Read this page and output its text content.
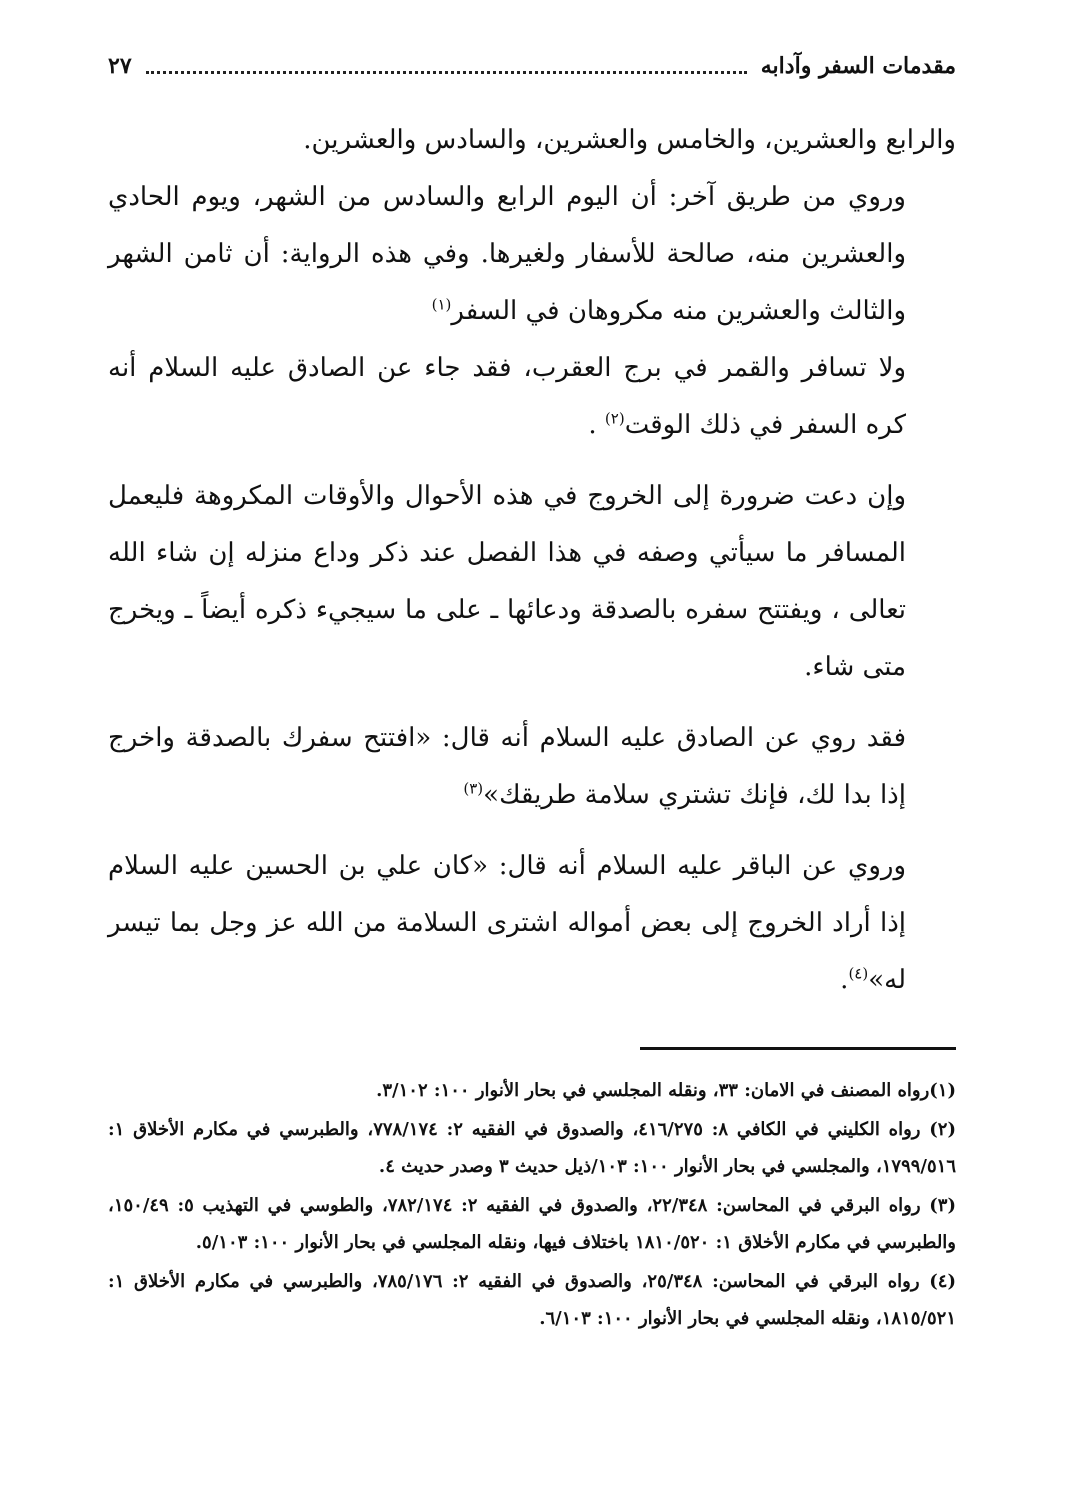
مقدمات السفر وآدابه
٢٧

والرابع والعشرين، والخامس والعشرين، والسادس والعشرين.

وروي من طريق آخر: أن اليوم الرابع والسادس من الشهر، ويوم الحادي والعشرين منه، صالحة للأسفار ولغيرها. وفي هذه الرواية: أن ثامن الشهر والثالث والعشرين منه مكروهان في السفر$^{(١)}$

ولا تسافر والقمر في برج العقرب، فقد جاء عن الصادق عليه السلام أنه كره السفر في ذلك الوقت$^{(٢)}$ .

وإن دعت ضرورة إلى الخروج في هذه الأحوال والأوقات المكروهة فليعمل المسافر ما سيأتي وصفه في هذا الفصل عند ذكر وداع منزله إن شاء الله تعالى ، ويفتتح سفره بالصدقة ودعائها ـ على ما سيجيء ذكره أيضاً ـ ويخرج متى شاء.

فقد روي عن الصادق عليه السلام أنه قال: «افتتح سفرك بالصدقة واخرج إذا بدا لك، فإنك تشتري سلامة طريقك»$^{(٣)}$

وروي عن الباقر عليه السلام أنه قال: «كان علي بن الحسين عليه السلام إذا أراد الخروج إلى بعض أمواله اشترى السلامة من الله عز وجل بما تيسر له»$^{(٤)}$.

(١)رواه المصنف في الامان: ٣٣، ونقله المجلسي في بحار الأنوار ١٠٠: ٣/١٠٢.

(٢) رواه الكليني في الكافي ٨: ٤١٦/٢٧٥، والصدوق في الفقيه ٢: ٧٧٨/١٧٤، والطبرسي في مكارم الأخلاق ١: ١٧٩٩/٥١٦، والمجلسي في بحار الأنوار ١٠٠: ١٠٣/ذيل حديث ٣ وصدر حديث ٤.

(٣) رواه البرقي في المحاسن: ٢٢/٣٤٨، والصدوق في الفقيه ٢: ٧٨٢/١٧٤، والطوسي في التهذيب ٥: ١٥٠/٤٩، والطبرسي في مكارم الأخلاق ١: ١٨١٠/٥٢٠ باختلاف فيها، ونقله المجلسي في بحار الأنوار ١٠٠: ٥/١٠٣.

(٤) رواه البرقي في المحاسن: ٢٥/٣٤٨، والصدوق في الفقيه ٢: ٧٨٥/١٧٦، والطبرسي في مكارم الأخلاق ١: ١٨١٥/٥٢١، ونقله المجلسي في بحار الأنوار ١٠٠: ٦/١٠٣.
